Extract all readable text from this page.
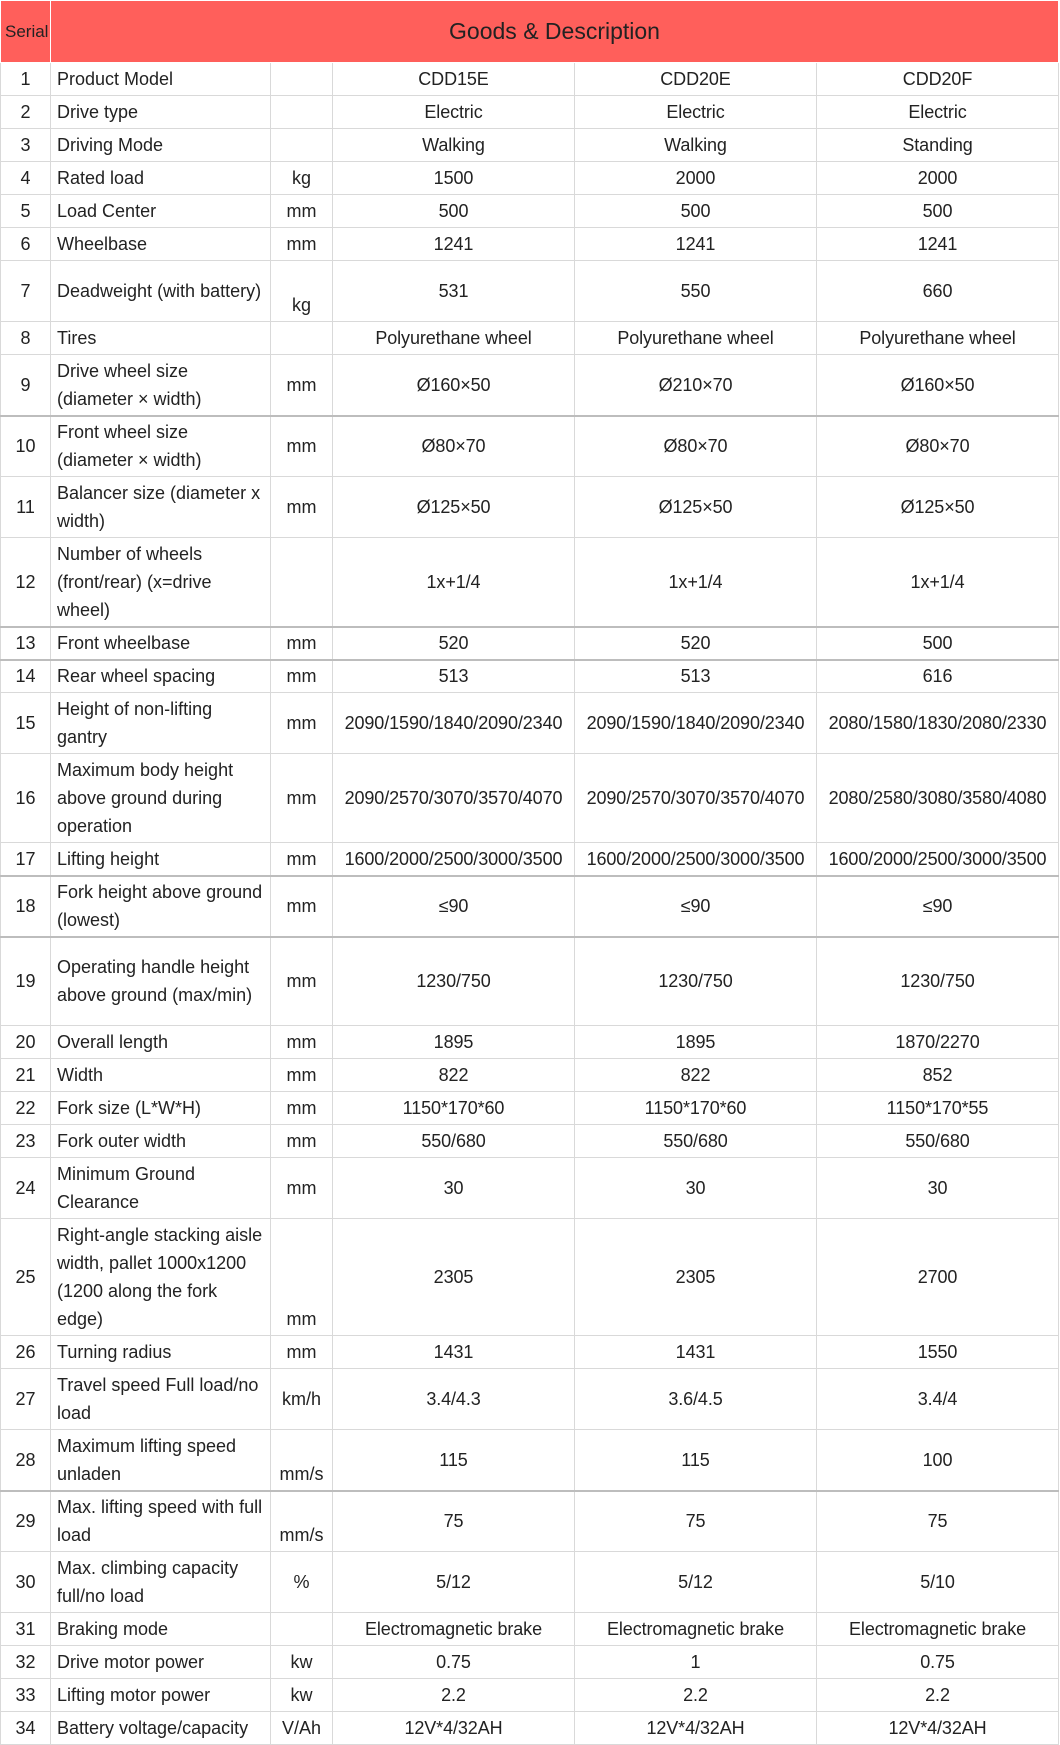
Serial	Goods & Description				
1	Product Model		CDD15E	CDD20E	CDD20F
2	Drive type		Electric	Electric	Electric
3	Driving Mode		Walking	Walking	Standing
4	Rated load	kg	1500	2000	2000
5	Load Center	mm	500	500	500
6	Wheelbase	mm	1241	1241	1241
7	Deadweight (with battery)	kg	531	550	660
8	Tires		Polyurethane wheel	Polyurethane wheel	Polyurethane wheel
9	Drive wheel size (diameter × width)	mm	Ø160×50	Ø210×70	Ø160×50
10	Front wheel size (diameter × width)	mm	Ø80×70	Ø80×70	Ø80×70
11	Balancer size (diameter x width)	mm	Ø125×50	Ø125×50	Ø125×50
12	Number of wheels (front/rear) (x=drive wheel)		1x+1/4	1x+1/4	1x+1/4
13	Front wheelbase	mm	520	520	500
14	Rear wheel spacing	mm	513	513	616
15	Height of non-lifting gantry	mm	2090/1590/1840/2090/2340	2090/1590/1840/2090/2340	2080/1580/1830/2080/2330
16	Maximum body height above ground during operation	mm	2090/2570/3070/3570/4070	2090/2570/3070/3570/4070	2080/2580/3080/3580/4080
17	Lifting height	mm	1600/2000/2500/3000/3500	1600/2000/2500/3000/3500	1600/2000/2500/3000/3500
18	Fork height above ground (lowest)	mm	≤90	≤90	≤90
19	Operating handle height above ground (max/min)	mm	1230/750	1230/750	1230/750
20	Overall length	mm	1895	1895	1870/2270
21	Width	mm	822	822	852
22	Fork size (L*W*H)	mm	1150*170*60	1150*170*60	1150*170*55
23	Fork outer width	mm	550/680	550/680	550/680
24	Minimum Ground Clearance	mm	30	30	30
25	Right-angle stacking aisle width, pallet 1000x1200 (1200 along the fork edge)	mm	2305	2305	2700
26	Turning radius	mm	1431	1431	1550
27	Travel speed Full load/no load	km/h	3.4/4.3	3.6/4.5	3.4/4
28	Maximum lifting speed unladen	mm/s	115	115	100
29	Max. lifting speed with full load	mm/s	75	75	75
30	Max. climbing capacity full/no load	%	5/12	5/12	5/10
31	Braking mode		Electromagnetic brake	Electromagnetic brake	Electromagnetic brake
32	Drive motor power	kw	0.75	1	0.75
33	Lifting motor power	kw	2.2	2.2	2.2
34	Battery voltage/capacity	V/Ah	12V*4/32AH	12V*4/32AH	12V*4/32AH
